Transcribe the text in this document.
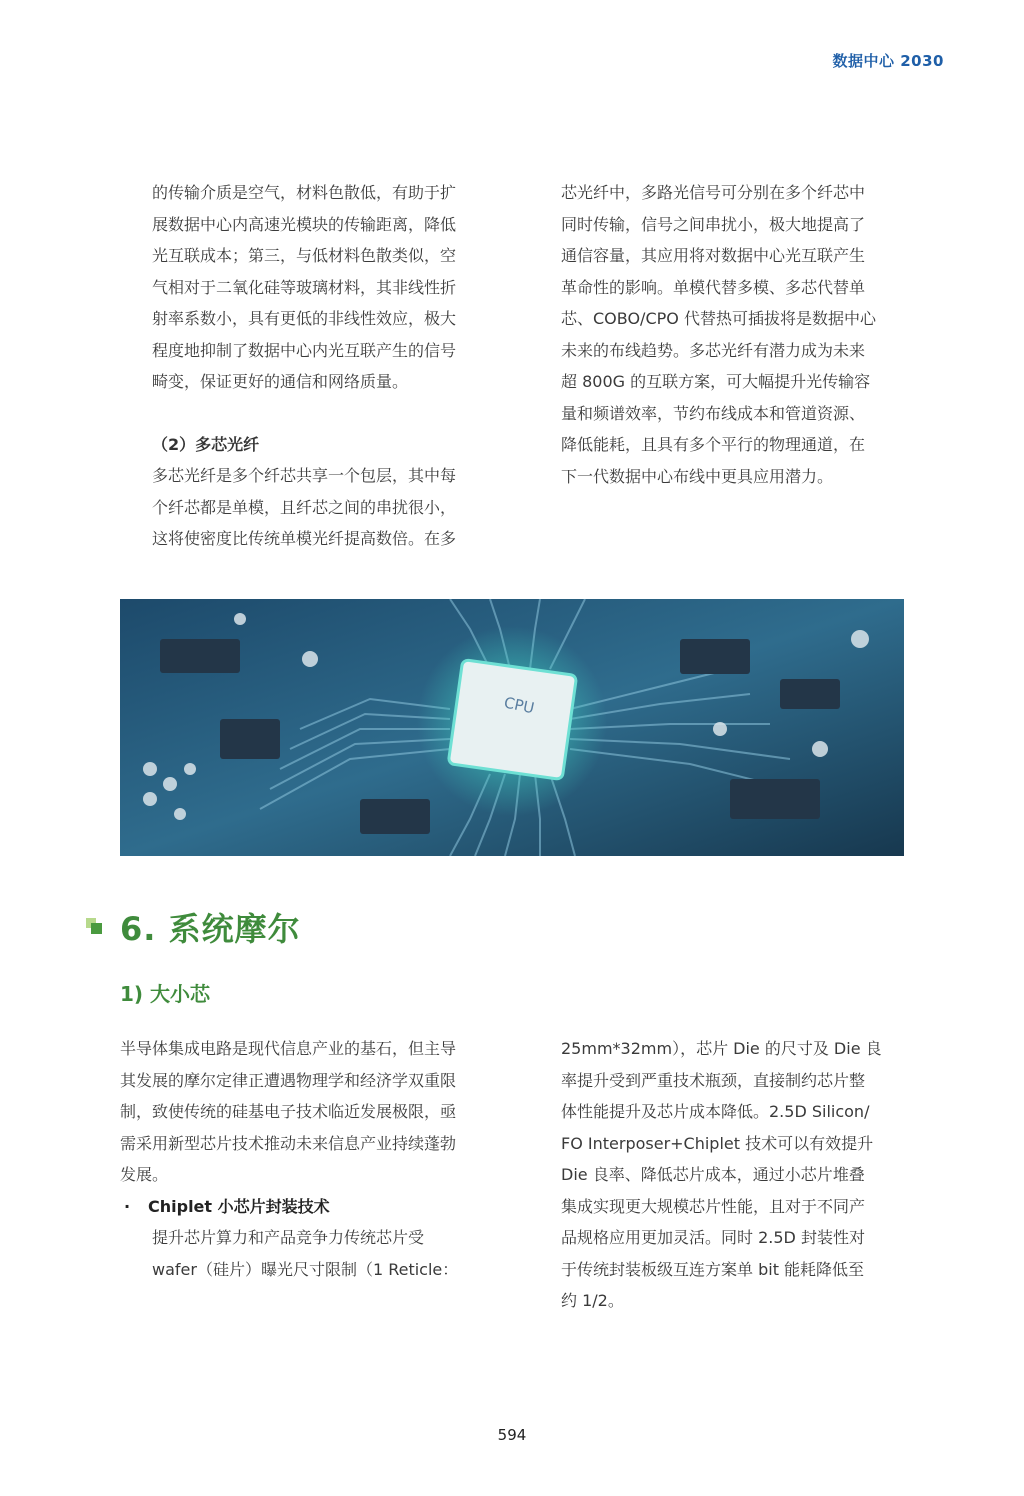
数据中心 2030

的传输介质是空气，材料色散低，有助于扩

展数据中心内高速光模块的传输距离，降低

光互联成本；第三，与低材料色散类似，空

气相对于二氧化硅等玻璃材料，其非线性折

射率系数小，具有更低的非线性效应，极大

程度地抑制了数据中心内光互联产生的信号

畸变，保证更好的通信和网络质量。

（2）多芯光纤

多芯光纤是多个纤芯共享一个包层，其中每

个纤芯都是单模，且纤芯之间的串扰很小，

这将使密度比传统单模光纤提高数倍。在多

芯光纤中，多路光信号可分别在多个纤芯中

同时传输，信号之间串扰小，极大地提高了

通信容量，其应用将对数据中心光互联产生

革命性的影响。单模代替多模、多芯代替单

芯、COBO/CPO 代替热可插拔将是数据中心

未来的布线趋势。多芯光纤有潜力成为未来

超 800G 的互联方案，可大幅提升光传输容

量和频谱效率，节约布线成本和管道资源、

降低能耗，且具有多个平行的物理通道，在

下一代数据中心布线中更具应用潜力。

CPU
6. 系统摩尔
1) 大小芯

半导体集成电路是现代信息产业的基石，但主导

其发展的摩尔定律正遭遇物理学和经济学双重限

制，致使传统的硅基电子技术临近发展极限，亟

需采用新型芯片技术推动未来信息产业持续蓬勃

发展。

· Chiplet 小芯片封装技术

提升芯片算力和产品竞争力传统芯片受

wafer（硅片）曝光尺寸限制（1 Reticle：

25mm*32mm），芯片 Die 的尺寸及 Die 良

率提升受到严重技术瓶颈，直接制约芯片整

体性能提升及芯片成本降低。2.5D Silicon/

FO Interposer+Chiplet 技术可以有效提升

Die 良率、降低芯片成本，通过小芯片堆叠

集成实现更大规模芯片性能，且对于不同产

品规格应用更加灵活。同时 2.5D 封装性对

于传统封装板级互连方案单 bit 能耗降低至

约 1/2。

594
